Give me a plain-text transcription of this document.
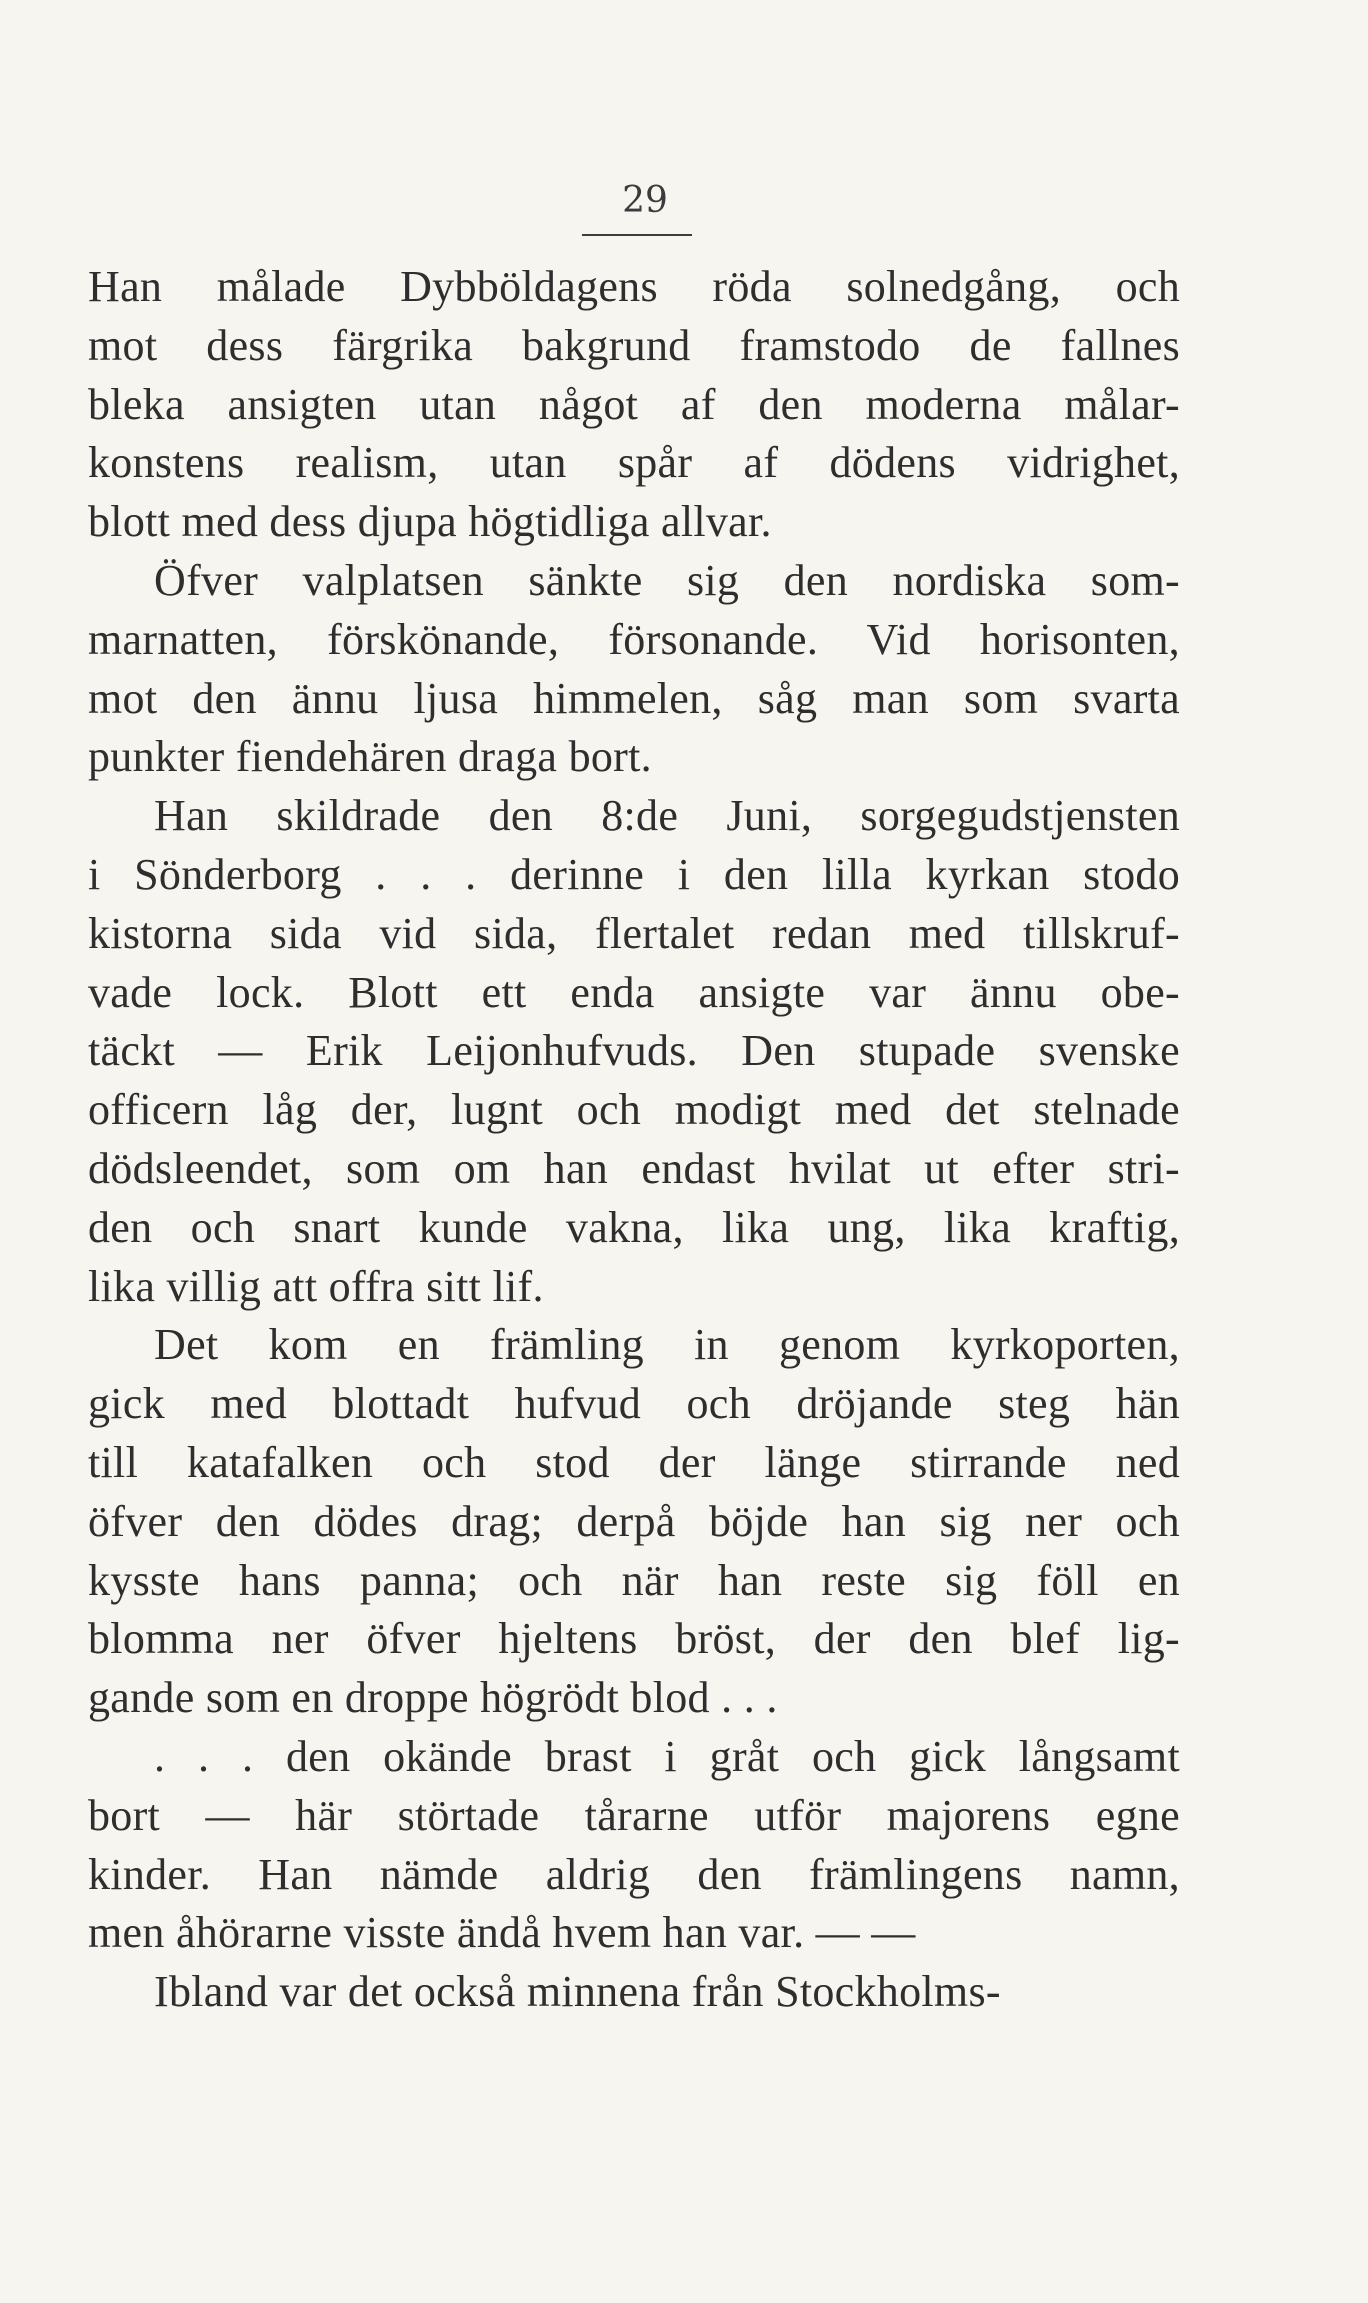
29

Han målade Dybböldagens röda solnedgång, och
mot dess färgrika bakgrund framstodo de fallnes
bleka ansigten utan något af den moderna målar-
konstens realism, utan spår af dödens vidrighet,
blott med dess djupa högtidliga allvar.
Öfver valplatsen sänkte sig den nordiska som-
marnatten, förskönande, försonande. Vid horisonten,
mot den ännu ljusa himmelen, såg man som svarta
punkter fiendehären draga bort.
Han skildrade den 8:de Juni, sorgegudstjensten
i Sönderborg . . . derinne i den lilla kyrkan stodo
kistorna sida vid sida, flertalet redan med tillskruf-
vade lock. Blott ett enda ansigte var ännu obe-
täckt — Erik Leijonhufvuds. Den stupade svenske
officern låg der, lugnt och modigt med det stelnade
dödsleendet, som om han endast hvilat ut efter stri-
den och snart kunde vakna, lika ung, lika kraftig,
lika villig att offra sitt lif.
Det kom en främling in genom kyrkoporten,
gick med blottadt hufvud och dröjande steg hän
till katafalken och stod der länge stirrande ned
öfver den dödes drag; derpå böjde han sig ner och
kysste hans panna; och när han reste sig föll en
blomma ner öfver hjeltens bröst, der den blef lig-
gande som en droppe högrödt blod . . .
. . . den okände brast i gråt och gick långsamt
bort — här störtade tårarne utför majorens egne
kinder. Han nämde aldrig den främlingens namn,
men åhörarne visste ändå hvem han var. — —
Ibland var det också minnena från Stockholms-
